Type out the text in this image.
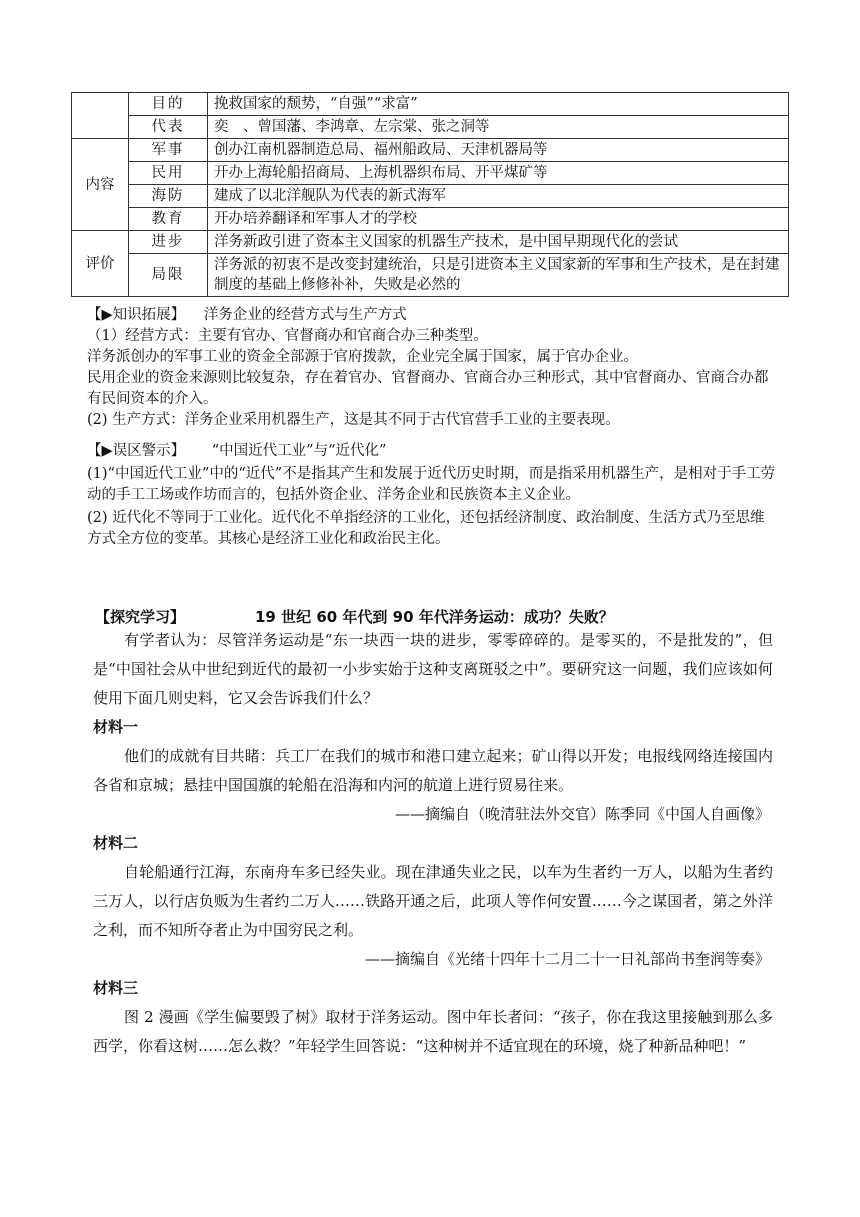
	目的	挽救国家的颓势，“自强”“求富”
	代表	奕　、曾国藩、李鸿章、左宗棠、张之洞等
内容	军事	创办江南机器制造总局、福州船政局、天津机器局等
	民用	开办上海轮船招商局、上海机器织布局、开平煤矿等
	海防	建成了以北洋舰队为代表的新式海军
	教育	开办培养翻译和军事人才的学校
评价	进步	洋务新政引进了资本主义国家的机器生产技术，是中国早期现代化的尝试
	局限	洋务派的初衷不是改变封建统治，只是引进资本主义国家新的军事和生产技术，是在封建制度的基础上修修补补，失败是必然的

【▶知识拓展】 洋务企业的经营方式与生产方式

（1）经营方式：主要有官办、官督商办和官商合办三种类型。

洋务派创办的军事工业的资金全部源于官府拨款，企业完全属于国家，属于官办企业。

民用企业的资金来源则比较复杂，存在着官办、官督商办、官商合办三种形式，其中官督商办、官商合办都有民间资本的介入。

(2) 生产方式：洋务企业采用机器生产，这是其不同于古代官营手工业的主要表现。

【▶误区警示】 “中国近代工业”与“近代化”

(1)“中国近代工业”中的“近代”不是指其产生和发展于近代历史时期，而是指采用机器生产，是相对于手工劳动的手工工场或作坊而言的，包括外资企业、洋务企业和民族资本主义企业。

(2) 近代化不等同于工业化。近代化不单指经济的工业化，还包括经济制度、政治制度、生活方式乃至思维方式全方位的变革。其核心是经济工业化和政治民主化。

【探究学习】	19 世纪 60 年代到 90 年代洋务运动：成功？失败？

有学者认为：尽管洋务运动是“东一块西一块的进步，零零碎碎的。是零买的，不是批发的”，但是“中国社会从中世纪到近代的最初一小步实始于这种支离斑驳之中”。要研究这一问题，我们应该如何使用下面几则史料，它又会告诉我们什么？

材料一

他们的成就有目共睹：兵工厂在我们的城市和港口建立起来；矿山得以开发；电报线网络连接国内各省和京城；悬挂中国国旗的轮船在沿海和内河的航道上进行贸易往来。

——摘编自（晚清驻法外交官）陈季同《中国人自画像》

材料二

自轮船通行江海，东南舟车多已经失业。现在津通失业之民，以车为生者约一万人，以船为生者约三万人，以行店负贩为生者约二万人……铁路开通之后，此项人等作何安置……今之谋国者，第之外洋之利，而不知所夺者止为中国穷民之利。

——摘编自《光绪十四年十二月二十一日礼部尚书奎润等奏》

材料三

图 2 漫画《学生偏要毁了树》取材于洋务运动。图中年长者问：“孩子，你在我这里接触到那么多西学，你看这树……怎么救？”年轻学生回答说：“这种树并不适宜现在的环境，烧了种新品种吧！”
